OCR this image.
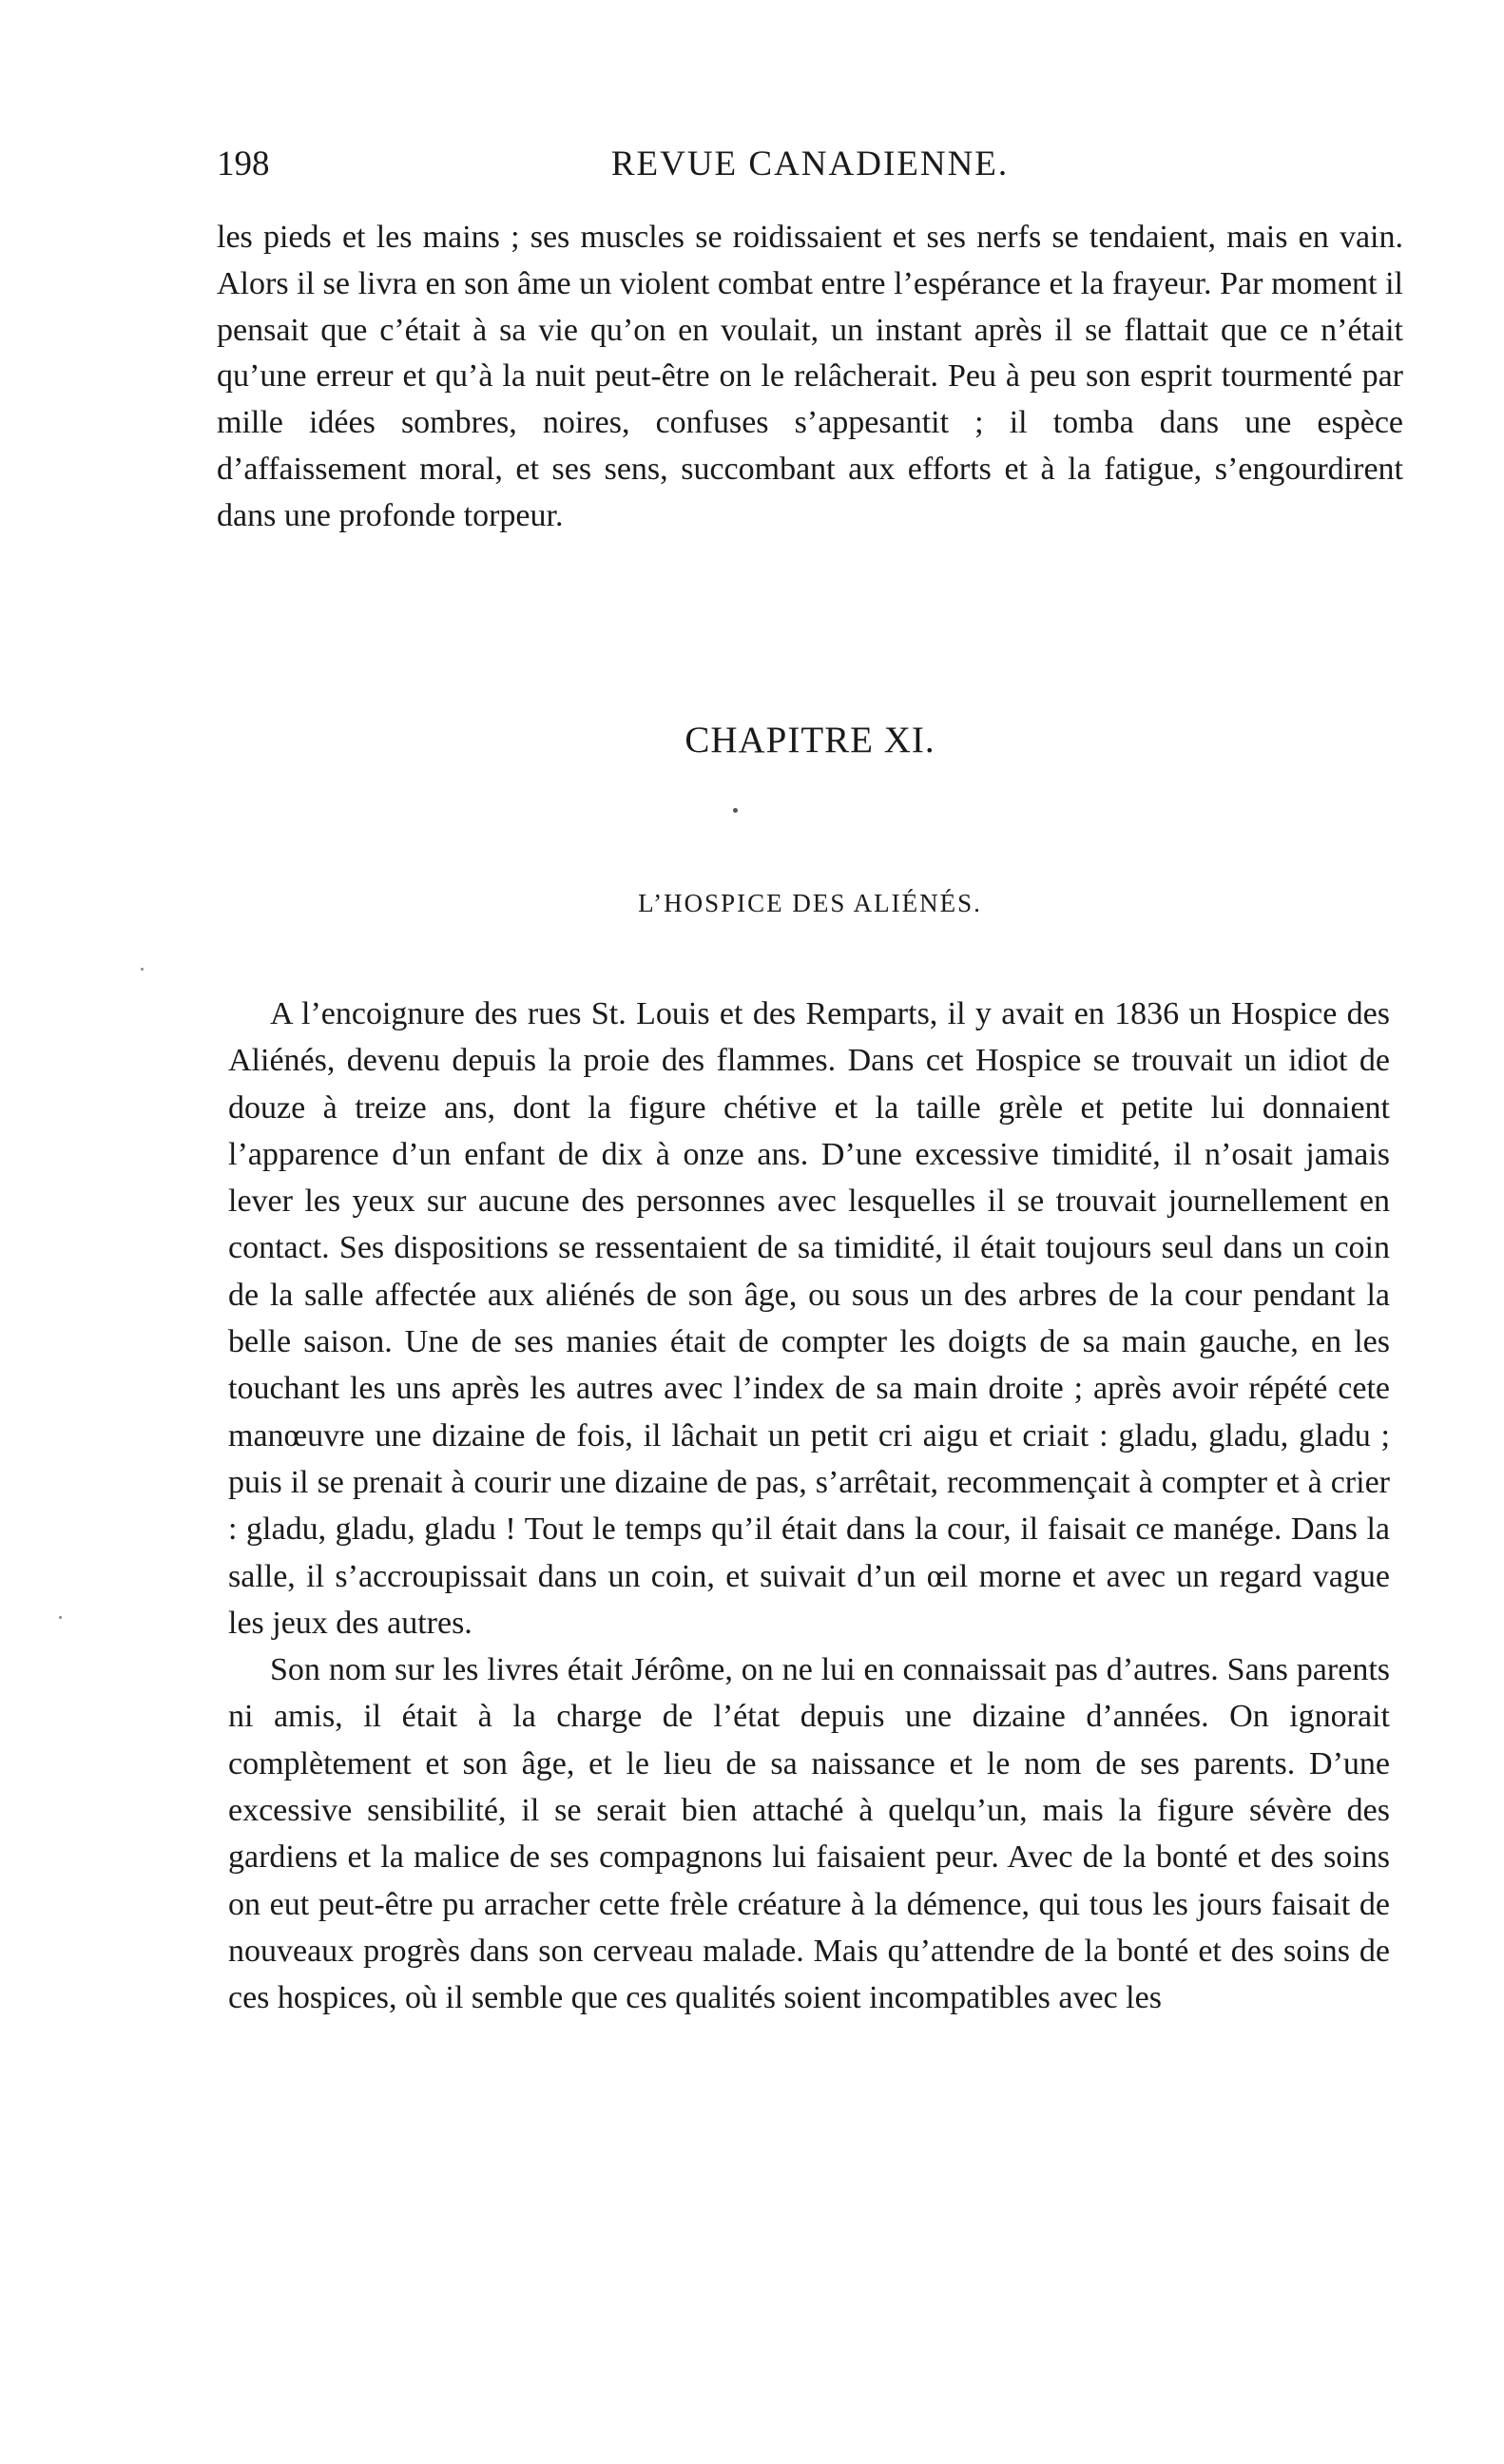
198	REVUE CANADIENNE.

les pieds et les mains ; ses muscles se roidissaient et ses nerfs se tendaient, mais en vain. Alors il se livra en son âme un violent combat entre l’espérance et la frayeur. Par moment il pensait que c’était à sa vie qu’on en voulait, un instant après il se flattait que ce n’était qu’une erreur et qu’à la nuit peut-être on le relâcherait. Peu à peu son esprit tourmenté par mille idées sombres, noires, confuses s’appesantit ; il tomba dans une espèce d’affaissement moral, et ses sens, succombant aux efforts et à la fatigue, s’engourdirent dans une profonde torpeur.

CHAPITRE XI.
L’HOSPICE DES ALIÉNÉS.

A l’encoignure des rues St. Louis et des Remparts, il y avait en 1836 un Hospice des Aliénés, devenu depuis la proie des flammes. Dans cet Hospice se trouvait un idiot de douze à treize ans, dont la figure chétive et la taille grèle et petite lui donnaient l’apparence d’un enfant de dix à onze ans. D’une excessive timidité, il n’osait jamais lever les yeux sur aucune des personnes avec lesquelles il se trouvait journellement en contact. Ses dispositions se ressentaient de sa timidité, il était toujours seul dans un coin de la salle affectée aux aliénés de son âge, ou sous un des arbres de la cour pendant la belle saison. Une de ses manies était de compter les doigts de sa main gauche, en les touchant les uns après les autres avec l’index de sa main droite ; après avoir répété cete manœuvre une dizaine de fois, il lâchait un petit cri aigu et criait : gladu, gladu, gladu ; puis il se prenait à courir une dizaine de pas, s’arrêtait, recommençait à compter et à crier : gladu, gladu, gladu ! Tout le temps qu’il était dans la cour, il faisait ce manége. Dans la salle, il s’accroupissait dans un coin, et suivait d’un œil morne et avec un regard vague les jeux des autres.

Son nom sur les livres était Jérôme, on ne lui en connaissait pas d’autres. Sans parents ni amis, il était à la charge de l’état depuis une dizaine d’années. On ignorait complètement et son âge, et le lieu de sa naissance et le nom de ses parents. D’une excessive sensibilité, il se serait bien attaché à quelqu’un, mais la figure sévère des gardiens et la malice de ses compagnons lui faisaient peur. Avec de la bonté et des soins on eut peut-être pu arracher cette frèle créature à la démence, qui tous les jours faisait de nouveaux progrès dans son cerveau malade. Mais qu’attendre de la bonté et des soins de ces hospices, où il semble que ces qualités soient incompatibles avec les
